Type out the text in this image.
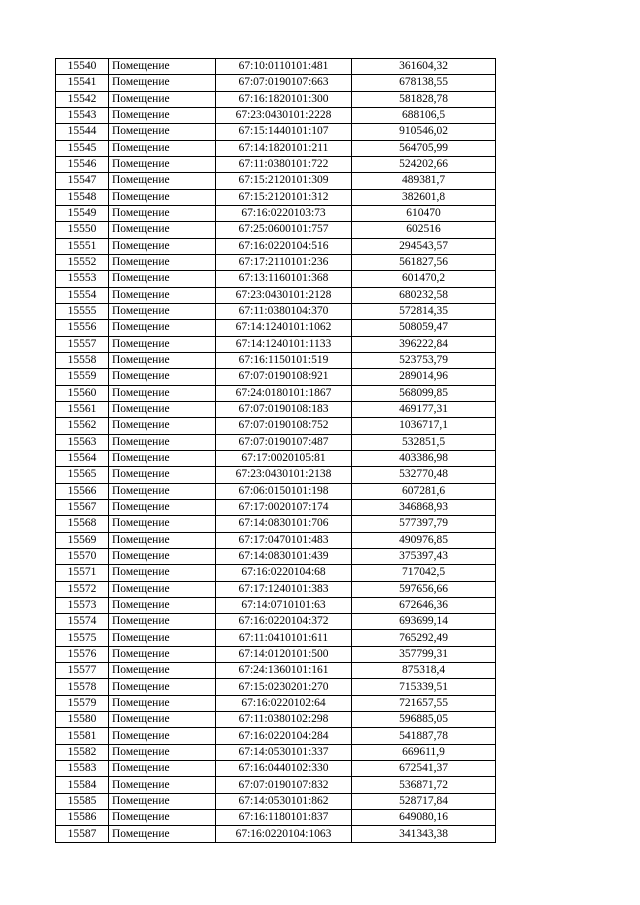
15540	Помещение	67:10:0110101:481	361604,32
15541	Помещение	67:07:0190107:663	678138,55
15542	Помещение	67:16:1820101:300	581828,78
15543	Помещение	67:23:0430101:2228	688106,5
15544	Помещение	67:15:1440101:107	910546,02
15545	Помещение	67:14:1820101:211	564705,99
15546	Помещение	67:11:0380101:722	524202,66
15547	Помещение	67:15:2120101:309	489381,7
15548	Помещение	67:15:2120101:312	382601,8
15549	Помещение	67:16:0220103:73	610470
15550	Помещение	67:25:0600101:757	602516
15551	Помещение	67:16:0220104:516	294543,57
15552	Помещение	67:17:2110101:236	561827,56
15553	Помещение	67:13:1160101:368	601470,2
15554	Помещение	67:23:0430101:2128	680232,58
15555	Помещение	67:11:0380104:370	572814,35
15556	Помещение	67:14:1240101:1062	508059,47
15557	Помещение	67:14:1240101:1133	396222,84
15558	Помещение	67:16:1150101:519	523753,79
15559	Помещение	67:07:0190108:921	289014,96
15560	Помещение	67:24:0180101:1867	568099,85
15561	Помещение	67:07:0190108:183	469177,31
15562	Помещение	67:07:0190108:752	1036717,1
15563	Помещение	67:07:0190107:487	532851,5
15564	Помещение	67:17:0020105:81	403386,98
15565	Помещение	67:23:0430101:2138	532770,48
15566	Помещение	67:06:0150101:198	607281,6
15567	Помещение	67:17:0020107:174	346868,93
15568	Помещение	67:14:0830101:706	577397,79
15569	Помещение	67:17:0470101:483	490976,85
15570	Помещение	67:14:0830101:439	375397,43
15571	Помещение	67:16:0220104:68	717042,5
15572	Помещение	67:17:1240101:383	597656,66
15573	Помещение	67:14:0710101:63	672646,36
15574	Помещение	67:16:0220104:372	693699,14
15575	Помещение	67:11:0410101:611	765292,49
15576	Помещение	67:14:0120101:500	357799,31
15577	Помещение	67:24:1360101:161	875318,4
15578	Помещение	67:15:0230201:270	715339,51
15579	Помещение	67:16:0220102:64	721657,55
15580	Помещение	67:11:0380102:298	596885,05
15581	Помещение	67:16:0220104:284	541887,78
15582	Помещение	67:14:0530101:337	669611,9
15583	Помещение	67:16:0440102:330	672541,37
15584	Помещение	67:07:0190107:832	536871,72
15585	Помещение	67:14:0530101:862	528717,84
15586	Помещение	67:16:1180101:837	649080,16
15587	Помещение	67:16:0220104:1063	341343,38
